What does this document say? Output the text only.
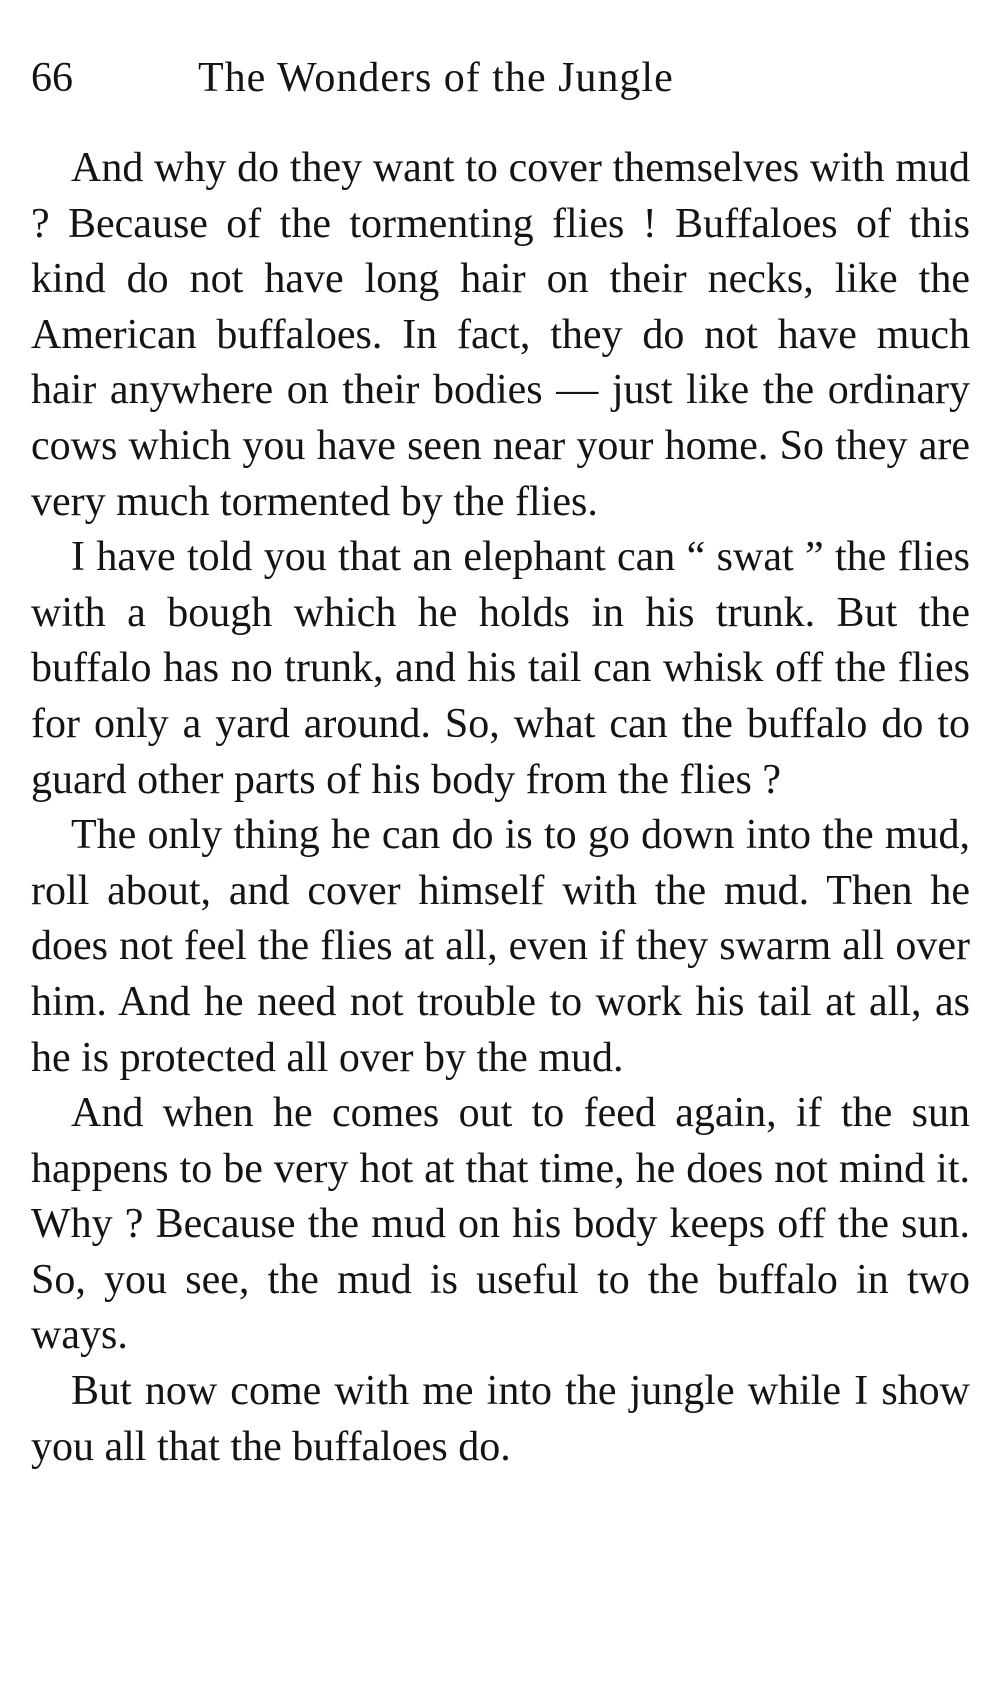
66	The Wonders of the Jungle

And why do they want to cover themselves with mud ? Because of the tormenting flies ! Buffaloes of this kind do not have long hair on their necks, like the American buffaloes. In fact, they do not have much hair anywhere on their bodies — just like the ordinary cows which you have seen near your home. So they are very much tormented by the flies.

I have told you that an elephant can “ swat ” the flies with a bough which he holds in his trunk. But the buffalo has no trunk, and his tail can whisk off the flies for only a yard around. So, what can the buffalo do to guard other parts of his body from the flies ?

The only thing he can do is to go down into the mud, roll about, and cover himself with the mud. Then he does not feel the flies at all, even if they swarm all over him. And he need not trouble to work his tail at all, as he is protected all over by the mud.

And when he comes out to feed again, if the sun happens to be very hot at that time, he does not mind it. Why ? Because the mud on his body keeps off the sun. So, you see, the mud is useful to the buffalo in two ways.

But now come with me into the jungle while I show you all that the buffaloes do.
